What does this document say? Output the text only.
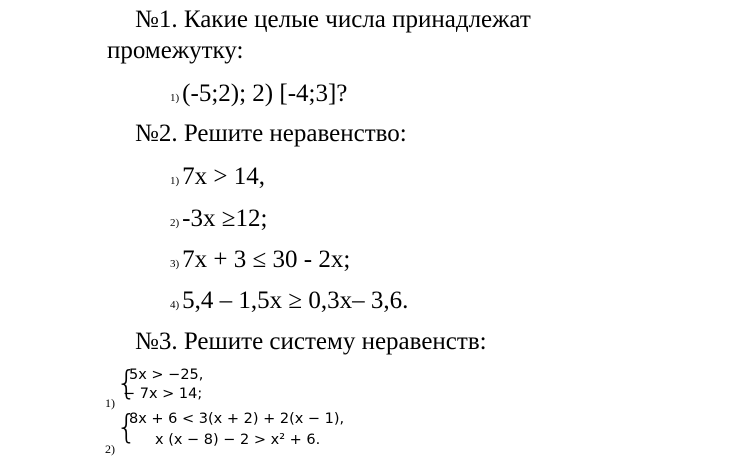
№1. Какие целые числа принадлежат
промежутку:
1) (-5;2); 2) [-4;3]?
№2. Решите неравенство:
1) 7x > 14,
2) -3x ≥12;
3) 7x + 3 ≤ 30 - 2x;
4) 5,4 – 1,5x ≥ 0,3x– 3,6.
№3. Решите систему неравенств:
1)
{
5x > −25,
− 7x > 14;
2)
{
8x + 6 < 3(x + 2) + 2(x − 1),
x (x − 8) − 2 > x² + 6.
